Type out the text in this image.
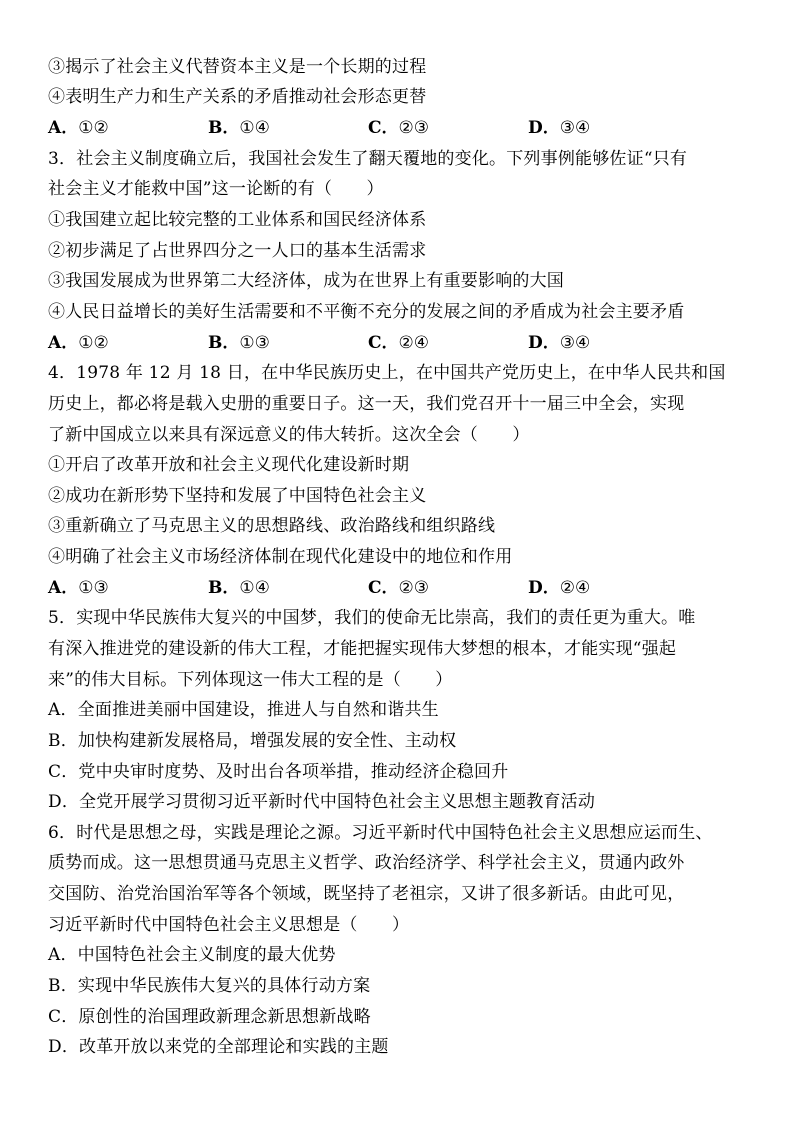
③揭示了社会主义代替资本主义是一个长期的过程
④表明生产力和生产关系的矛盾推动社会形态更替
A．①②	B．①④	C．②③	D．③④
3．社会主义制度确立后，我国社会发生了翻天覆地的变化。下列事例能够佐证“只有
社会主义才能救中国”这一论断的有（　　）
①我国建立起比较完整的工业体系和国民经济体系
②初步满足了占世界四分之一人口的基本生活需求
③我国发展成为世界第二大经济体，成为在世界上有重要影响的大国
④人民日益增长的美好生活需要和不平衡不充分的发展之间的矛盾成为社会主要矛盾
A．①②	B．①③	C．②④	D．③④
4．1978 年 12 月 18 日，在中华民族历史上，在中国共产党历史上，在中华人民共和国
历史上，都必将是载入史册的重要日子。这一天，我们党召开十一届三中全会，实现
了新中国成立以来具有深远意义的伟大转折。这次全会（　　）
①开启了改革开放和社会主义现代化建设新时期
②成功在新形势下坚持和发展了中国特色社会主义
③重新确立了马克思主义的思想路线、政治路线和组织路线
④明确了社会主义市场经济体制在现代化建设中的地位和作用
A．①③	B．①④	C．②③	D．②④
5．实现中华民族伟大复兴的中国梦，我们的使命无比崇高，我们的责任更为重大。唯
有深入推进党的建设新的伟大工程，才能把握实现伟大梦想的根本，才能实现“强起
来”的伟大目标。下列体现这一伟大工程的是（　　）
A．全面推进美丽中国建设，推进人与自然和谐共生
B．加快构建新发展格局，增强发展的安全性、主动权
C．党中央审时度势、及时出台各项举措，推动经济企稳回升
D．全党开展学习贯彻习近平新时代中国特色社会主义思想主题教育活动
6．时代是思想之母，实践是理论之源。习近平新时代中国特色社会主义思想应运而生、
质势而成。这一思想贯通马克思主义哲学、政治经济学、科学社会主义，贯通内政外
交国防、治党治国治军等各个领域，既坚持了老祖宗，又讲了很多新话。由此可见，
习近平新时代中国特色社会主义思想是（　　）
A．中国特色社会主义制度的最大优势
B．实现中华民族伟大复兴的具体行动方案
C．原创性的治国理政新理念新思想新战略
D．改革开放以来党的全部理论和实践的主题
